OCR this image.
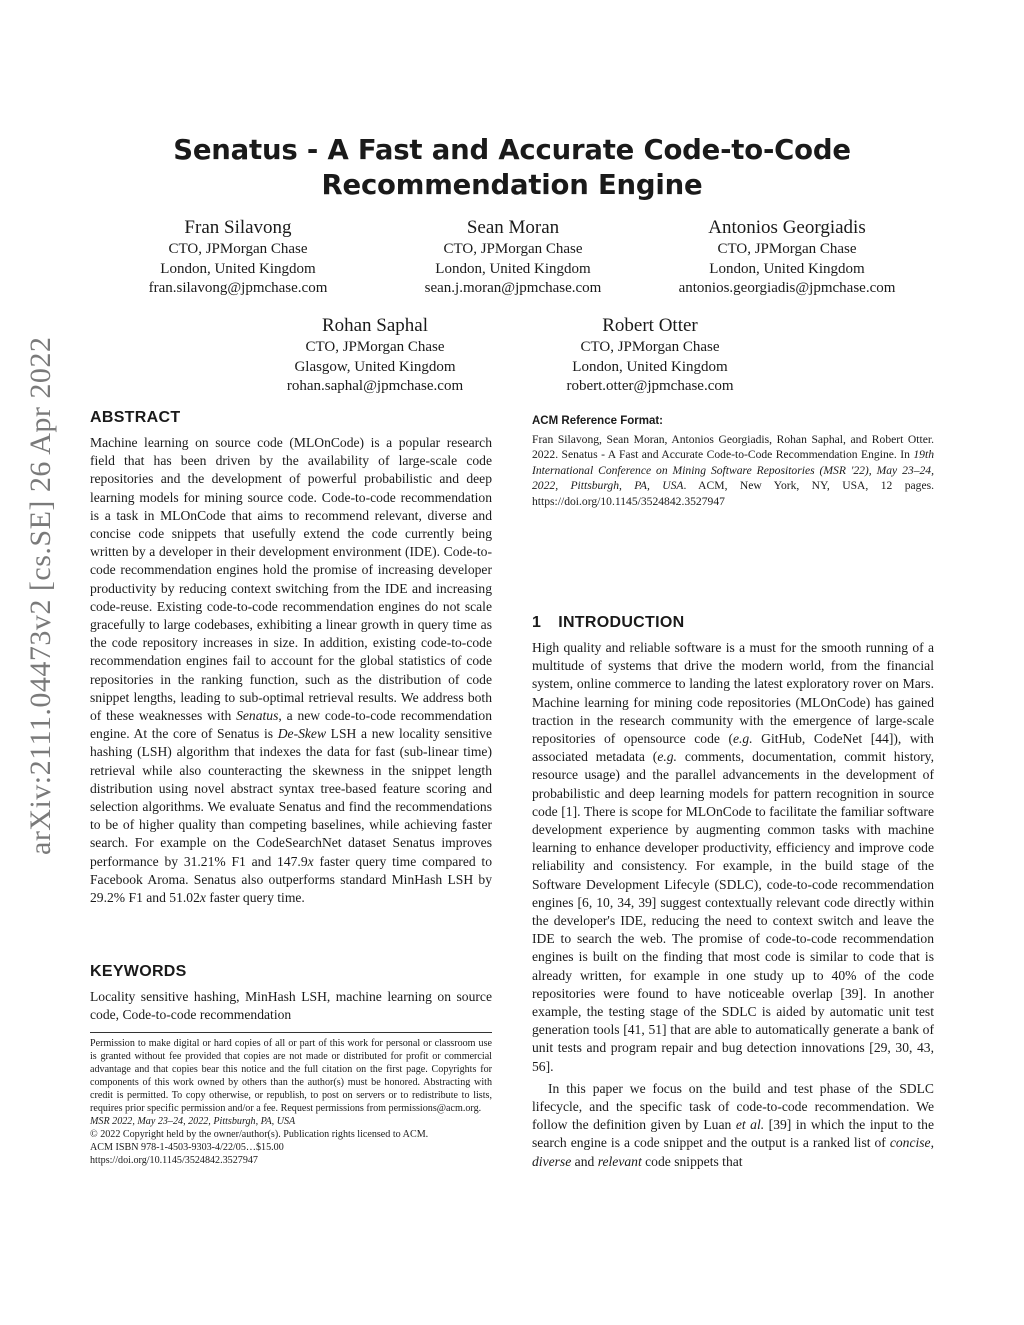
arXiv:2111.04473v2 [cs.SE] 26 Apr 2022
Senatus - A Fast and Accurate Code-to-Code Recommendation Engine
Fran Silavong
CTO, JPMorgan Chase
London, United Kingdom
fran.silavong@jpmchase.com
Sean Moran
CTO, JPMorgan Chase
London, United Kingdom
sean.j.moran@jpmchase.com
Antonios Georgiadis
CTO, JPMorgan Chase
London, United Kingdom
antonios.georgiadis@jpmchase.com
Rohan Saphal
CTO, JPMorgan Chase
Glasgow, United Kingdom
rohan.saphal@jpmchase.com
Robert Otter
CTO, JPMorgan Chase
London, United Kingdom
robert.otter@jpmchase.com
ABSTRACT

Machine learning on source code (MLOnCode) is a popular research field that has been driven by the availability of large-scale code repositories and the development of powerful probabilistic and deep learning models for mining source code. Code-to-code recommendation is a task in MLOnCode that aims to recommend relevant, diverse and concise code snippets that usefully extend the code currently being written by a developer in their development environment (IDE). Code-to-code recommendation engines hold the promise of increasing developer productivity by reducing context switching from the IDE and increasing code-reuse. Existing code-to-code recommendation engines do not scale gracefully to large codebases, exhibiting a linear growth in query time as the code repository increases in size. In addition, existing code-to-code recommendation engines fail to account for the global statistics of code repositories in the ranking function, such as the distribution of code snippet lengths, leading to sub-optimal retrieval results. We address both of these weaknesses with Senatus, a new code-to-code recommendation engine. At the core of Senatus is De-Skew LSH a new locality sensitive hashing (LSH) algorithm that indexes the data for fast (sub-linear time) retrieval while also counteracting the skewness in the snippet length distribution using novel abstract syntax tree-based feature scoring and selection algorithms. We evaluate Senatus and find the recommendations to be of higher quality than competing baselines, while achieving faster search. For example on the CodeSearchNet dataset Senatus improves performance by 31.21% F1 and 147.9x faster query time compared to Facebook Aroma. Senatus also outperforms standard MinHash LSH by 29.2% F1 and 51.02x faster query time.

KEYWORDS

Locality sensitive hashing, MinHash LSH, machine learning on source code, Code-to-code recommendation

Permission to make digital or hard copies of all or part of this work for personal or classroom use is granted without fee provided that copies are not made or distributed for profit or commercial advantage and that copies bear this notice and the full citation on the first page. Copyrights for components of this work owned by others than the author(s) must be honored. Abstracting with credit is permitted. To copy otherwise, or republish, to post on servers or to redistribute to lists, requires prior specific permission and/or a fee. Request permissions from permissions@acm.org.

MSR 2022, May 23–24, 2022, Pittsburgh, PA, USA

© 2022 Copyright held by the owner/author(s). Publication rights licensed to ACM.

ACM ISBN 978-1-4503-9303-4/22/05…$15.00

https://doi.org/10.1145/3524842.3527947

ACM Reference Format:
Fran Silavong, Sean Moran, Antonios Georgiadis, Rohan Saphal, and Robert Otter. 2022. Senatus - A Fast and Accurate Code-to-Code Recommendation Engine. In 19th International Conference on Mining Software Repositories (MSR '22), May 23–24, 2022, Pittsburgh, PA, USA. ACM, New York, NY, USA, 12 pages. https://doi.org/10.1145/3524842.3527947
1 INTRODUCTION

High quality and reliable software is a must for the smooth running of a multitude of systems that drive the modern world, from the financial system, online commerce to landing the latest exploratory rover on Mars. Machine learning for mining code repositories (MLOnCode) has gained traction in the research community with the emergence of large-scale repositories of opensource code (e.g. GitHub, CodeNet [44]), with associated metadata (e.g. comments, documentation, commit history, resource usage) and the parallel advancements in the development of probabilistic and deep learning models for pattern recognition in source code [1]. There is scope for MLOnCode to facilitate the familiar software development experience by augmenting common tasks with machine learning to enhance developer productivity, efficiency and improve code reliability and consistency. For example, in the build stage of the Software Development Lifecyle (SDLC), code-to-code recommendation engines [6, 10, 34, 39] suggest contextually relevant code directly within the developer's IDE, reducing the need to context switch and leave the IDE to search the web. The promise of code-to-code recommendation engines is built on the finding that most code is similar to code that is already written, for example in one study up to 40% of the code repositories were found to have noticeable overlap [39]. In another example, the testing stage of the SDLC is aided by automatic unit test generation tools [41, 51] that are able to automatically generate a bank of unit tests and program repair and bug detection innovations [29, 30, 43, 56].

In this paper we focus on the build and test phase of the SDLC lifecycle, and the specific task of code-to-code recommendation. We follow the definition given by Luan et al. [39] in which the input to the search engine is a code snippet and the output is a ranked list of concise, diverse and relevant code snippets that
